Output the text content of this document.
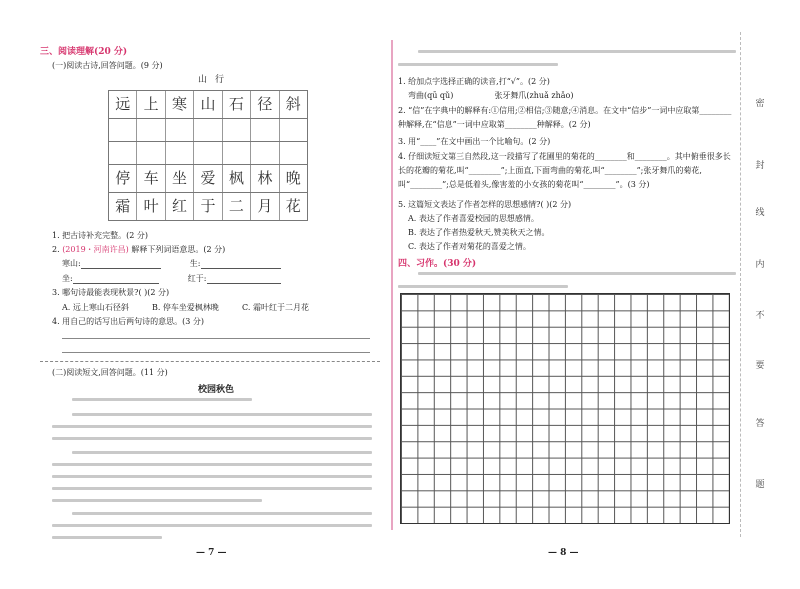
三、阅读理解(20 分)
(一)阅读古诗,回答问题。(9 分)
山行
远 上 寒 山 石 径 斜
停 车 坐 爱 枫 林 晚
霜 叶 红 于 二 月 花
1. 把古诗补充完整。(2 分)
2. (2019・河南许昌) 解释下列词语意思。(2 分)
寒山:	生:
坐:	红于:
3. 哪句诗最能表现秋景?( )(2 分)
A. 远上寒山石径斜	B. 停车坐爱枫林晚	C. 霜叶红于二月花
4. 用自己的话写出后两句诗的意思。(3 分)
(二)阅读短文,回答问题。(11 分)
校园秋色
— 7 —
1. 给加点字选择正确的读音,打“√”。(2 分)
弯曲(qū qǔ)	张牙舞爪(zhuǎ zhǎo)
2. “信”在字典中的解释有:①信用;②相信;③随意;④消息。在文中“信步”一词中应取第________种解释,在“信息”一词中应取第________种解释。(2 分)
3. 用“____”在文中画出一个比喻句。(2 分)
4. 仔细读短文第三自然段,这一段描写了花圃里的菊花的________和________。其中俯垂很多长长的花瓣的菊花,叫“________”;上面直,下面弯曲的菊花,叫“________”;张牙舞爪的菊花,叫“________”;总是低着头,像害羞的小女孩的菊花叫“________”。(3 分)
5. 这篇短文表达了作者怎样的思想感情?( )(2 分)
A. 表达了作者喜爱校园的思想感情。
B. 表达了作者热爱秋天,赞美秋天之情。
C. 表达了作者对菊花的喜爱之情。
四、习作。(30 分)
— 8 —
密
封
线
内
不
要
答
题
